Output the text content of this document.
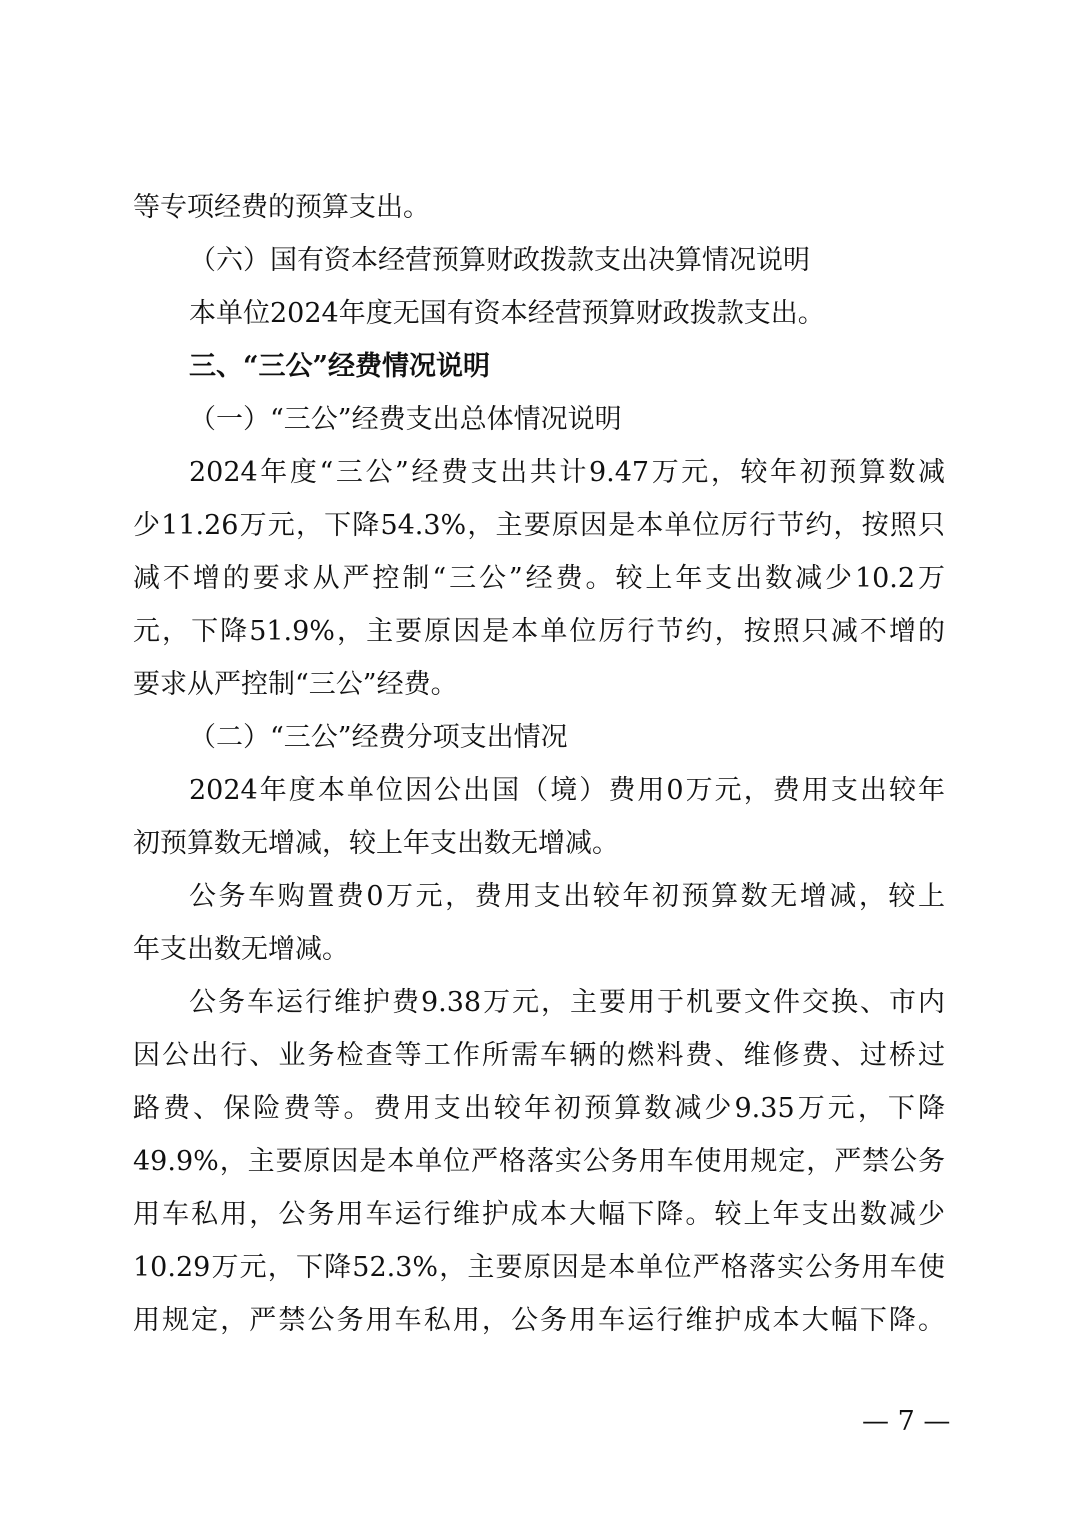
等专项经费的预算支出。

（六）国有资本经营预算财政拨款支出决算情况说明

本单位2024年度无国有资本经营预算财政拨款支出。

三、“三公”经费情况说明

（一）“三公”经费支出总体情况说明

2024年度“三公”经费支出共计9.47万元，较年初预算数减

少11.26万元，下降54.3%，主要原因是本单位厉行节约，按照只

减不增的要求从严控制“三公”经费。较上年支出数减少10.2万

元，下降51.9%，主要原因是本单位厉行节约，按照只减不增的

要求从严控制“三公”经费。

（二）“三公”经费分项支出情况

2024年度本单位因公出国（境）费用0万元，费用支出较年

初预算数无增减，较上年支出数无增减。

公务车购置费0万元，费用支出较年初预算数无增减，较上

年支出数无增减。

公务车运行维护费9.38万元，主要用于机要文件交换、市内

因公出行、业务检查等工作所需车辆的燃料费、维修费、过桥过

路费、保险费等。费用支出较年初预算数减少9.35万元，下降

49.9%，主要原因是本单位严格落实公务用车使用规定，严禁公务

用车私用，公务用车运行维护成本大幅下降。较上年支出数减少

10.29万元，下降52.3%，主要原因是本单位严格落实公务用车使

用规定，严禁公务用车私用，公务用车运行维护成本大幅下降。

— 7 —
